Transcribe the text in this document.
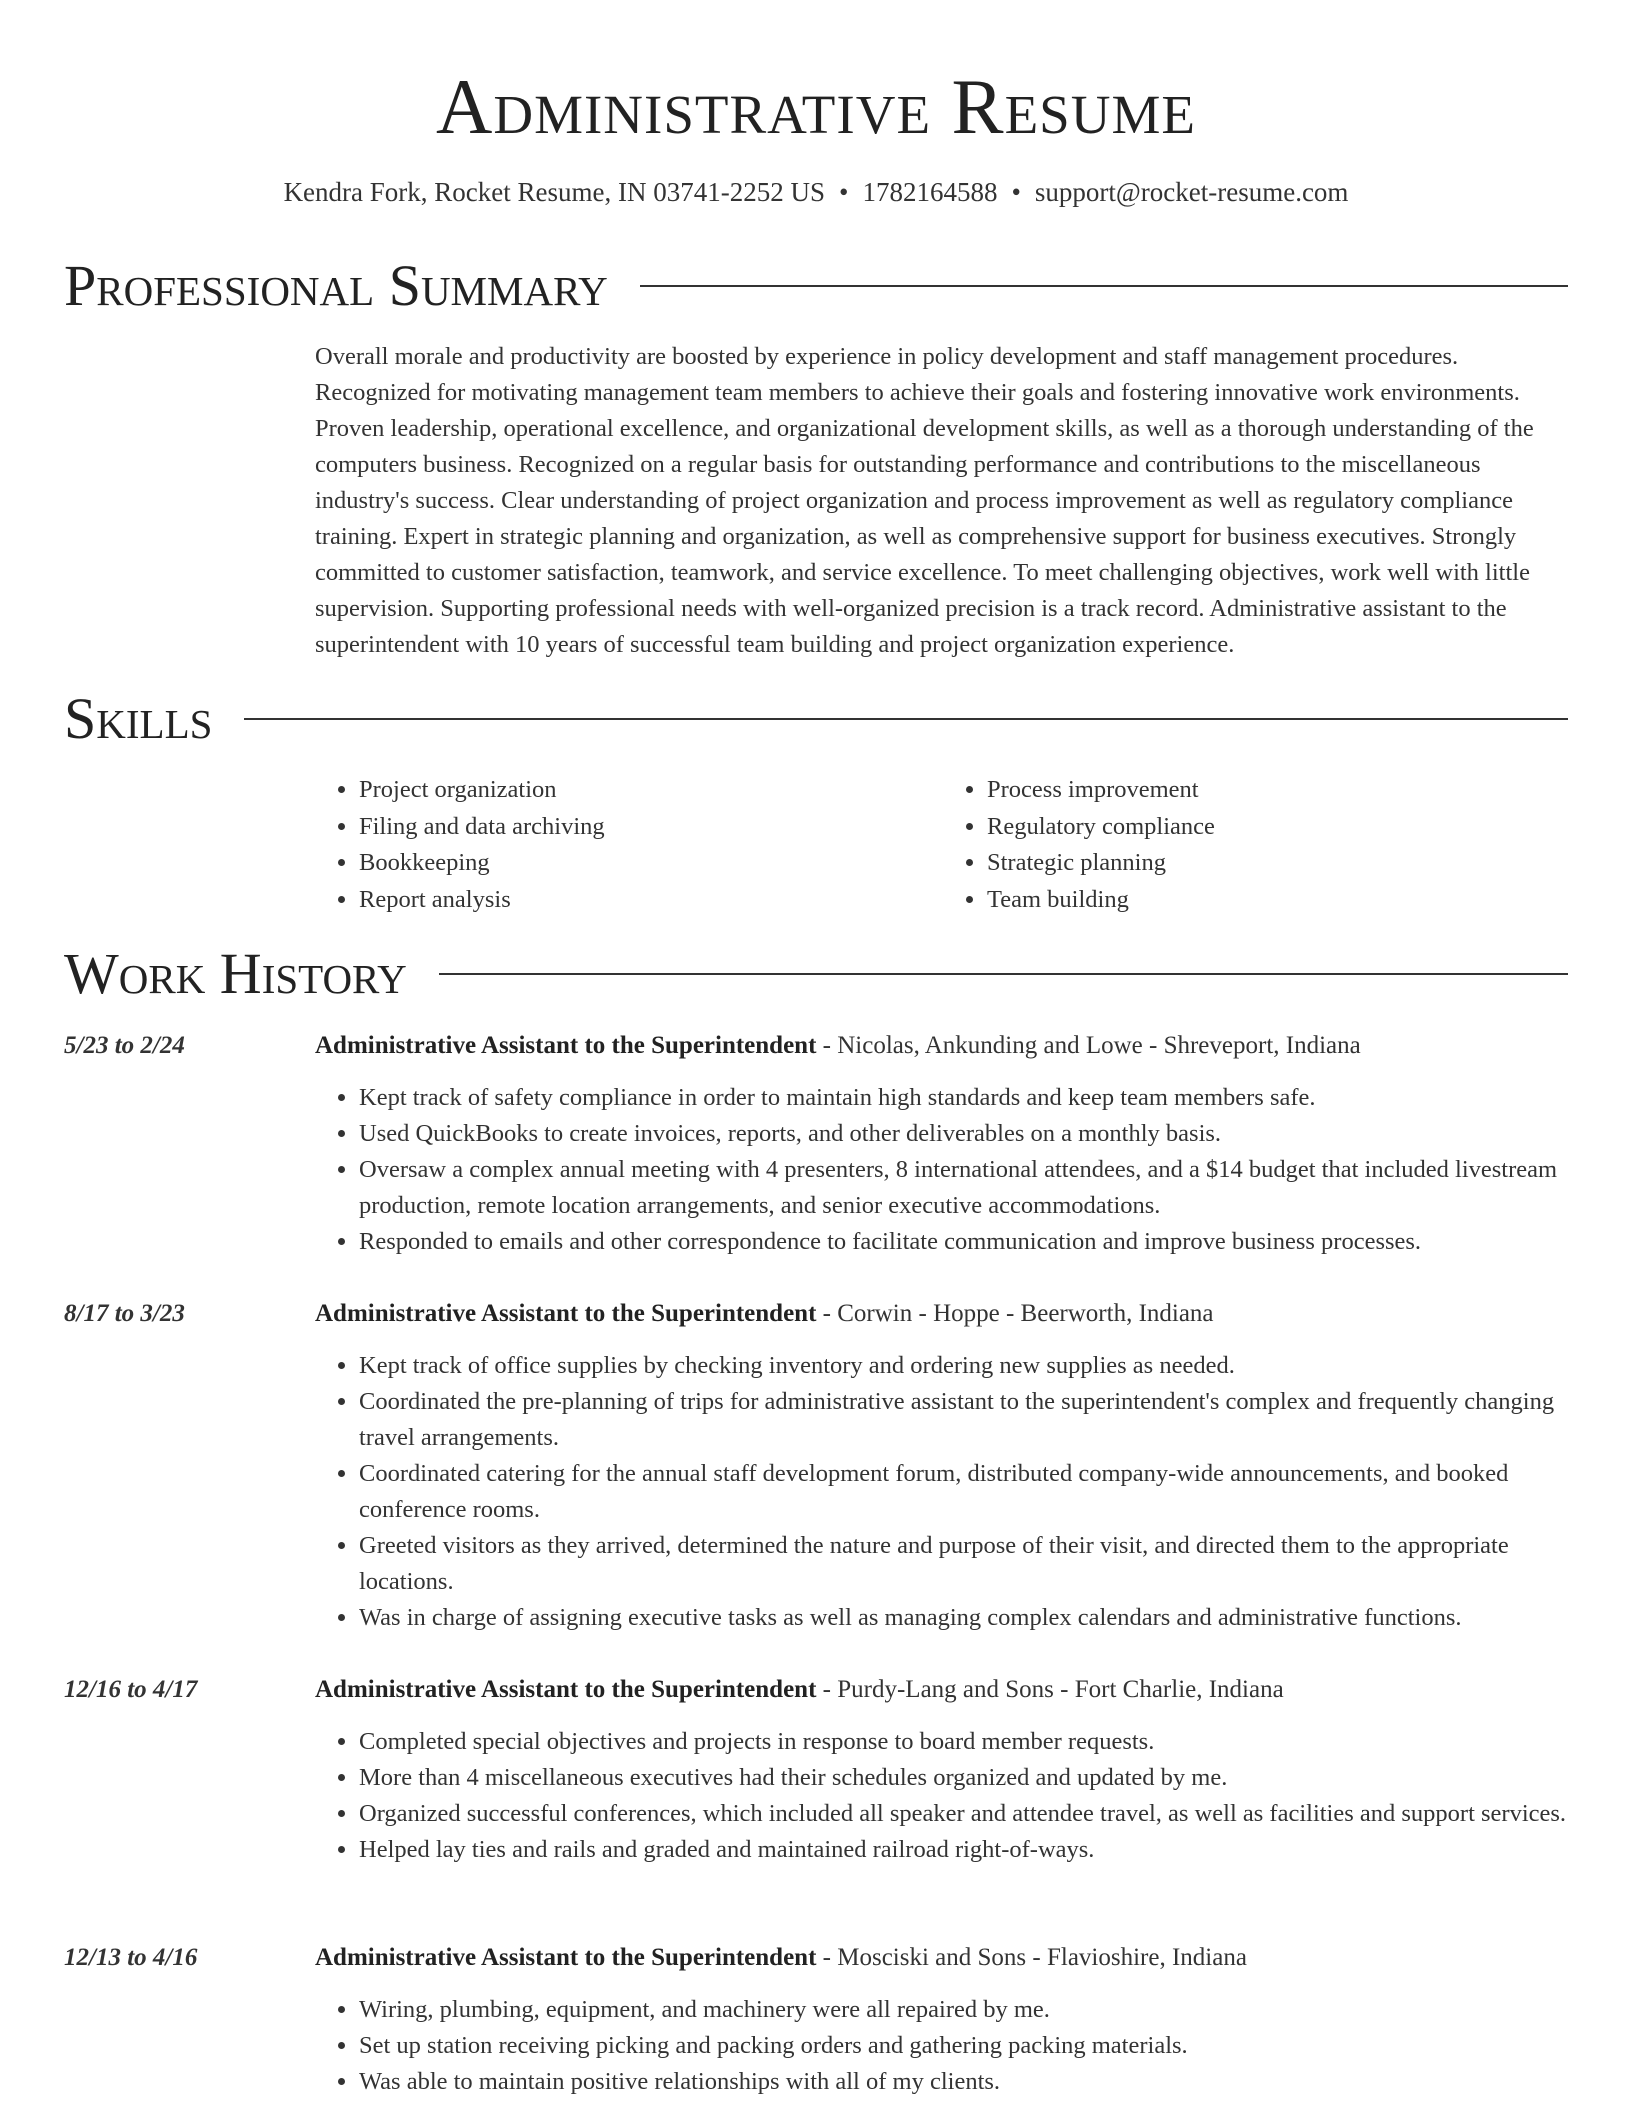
Administrative Resume
Kendra Fork, Rocket Resume, IN 03741-2252 US • 1782164588 • support@rocket-resume.com
Professional Summary
Overall morale and productivity are boosted by experience in policy development and staff management procedures.
Recognized for motivating management team members to achieve their goals and fostering innovative work environments.
Proven leadership, operational excellence, and organizational development skills, as well as a thorough understanding of the
computers business. Recognized on a regular basis for outstanding performance and contributions to the miscellaneous
industry's success. Clear understanding of project organization and process improvement as well as regulatory compliance
training. Expert in strategic planning and organization, as well as comprehensive support for business executives. Strongly
committed to customer satisfaction, teamwork, and service excellence. To meet challenging objectives, work well with little
supervision. Supporting professional needs with well-organized precision is a track record. Administrative assistant to the
superintendent with 10 years of successful team building and project organization experience.
Skills
• Project organization
• Filing and data archiving
• Bookkeeping
• Report analysis
• Process improvement
• Regulatory compliance
• Strategic planning
• Team building
Work History
5/23 to 2/24	Administrative Assistant to the Superintendent - Nicolas, Ankunding and Lowe - Shreveport, Indiana
• Kept track of safety compliance in order to maintain high standards and keep team members safe.
• Used QuickBooks to create invoices, reports, and other deliverables on a monthly basis.
• Oversaw a complex annual meeting with 4 presenters, 8 international attendees, and a $14 budget that included livestream production, remote location arrangements, and senior executive accommodations.
• Responded to emails and other correspondence to facilitate communication and improve business processes.
8/17 to 3/23	Administrative Assistant to the Superintendent - Corwin - Hoppe - Beerworth, Indiana
• Kept track of office supplies by checking inventory and ordering new supplies as needed.
• Coordinated the pre-planning of trips for administrative assistant to the superintendent's complex and frequently changing travel arrangements.
• Coordinated catering for the annual staff development forum, distributed company-wide announcements, and booked conference rooms.
• Greeted visitors as they arrived, determined the nature and purpose of their visit, and directed them to the appropriate locations.
• Was in charge of assigning executive tasks as well as managing complex calendars and administrative functions.
12/16 to 4/17	Administrative Assistant to the Superintendent - Purdy-Lang and Sons - Fort Charlie, Indiana
• Completed special objectives and projects in response to board member requests.
• More than 4 miscellaneous executives had their schedules organized and updated by me.
• Organized successful conferences, which included all speaker and attendee travel, as well as facilities and support services.
• Helped lay ties and rails and graded and maintained railroad right-of-ways.
12/13 to 4/16	Administrative Assistant to the Superintendent - Mosciski and Sons - Flavioshire, Indiana
• Wiring, plumbing, equipment, and machinery were all repaired by me.
• Set up station receiving picking and packing orders and gathering packing materials.
• Was able to maintain positive relationships with all of my clients.
